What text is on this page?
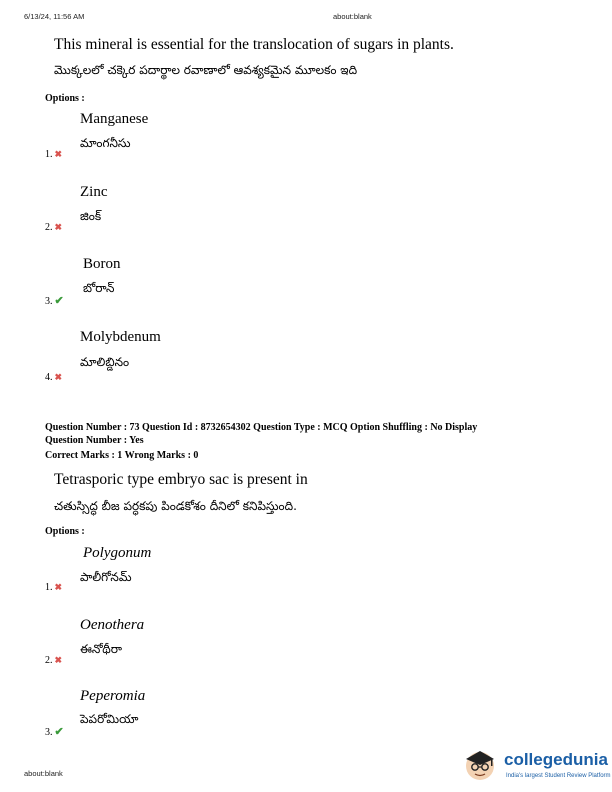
6/13/24, 11:56 AM	about:blank
This mineral is essential for the translocation of sugars in plants.
మొక్కలలో చక్కెర పదార్థాల రవాణాలో ఆవశ్యకమైన మూలకం ఇది
Options :
Manganese
మాంగనీసు
1. ✖
Zinc
జింక్
2. ✖
Boron
బోరాన్
3. ✔
Molybdenum
మాలిబ్డినం
4. ✖
Question Number : 73 Question Id : 8732654302 Question Type : MCQ Option Shuffling : No Display
Question Number : Yes
Correct Marks : 1 Wrong Marks : 0
Tetrasporic type embryo sac is present in
చతుస్సిద్ధ బీజ పర్ధకపు పిండకోశం దీనిలో కనిపిస్తుంది.
Options :
Polygonum
పాలీగోనమ్
1. ✖
Oenothera
ఈనోథీరా
2. ✖
Peperomia
పెపరోమియా
3. ✔
about:blank
collegedunia
India's largest Student Review Platform
